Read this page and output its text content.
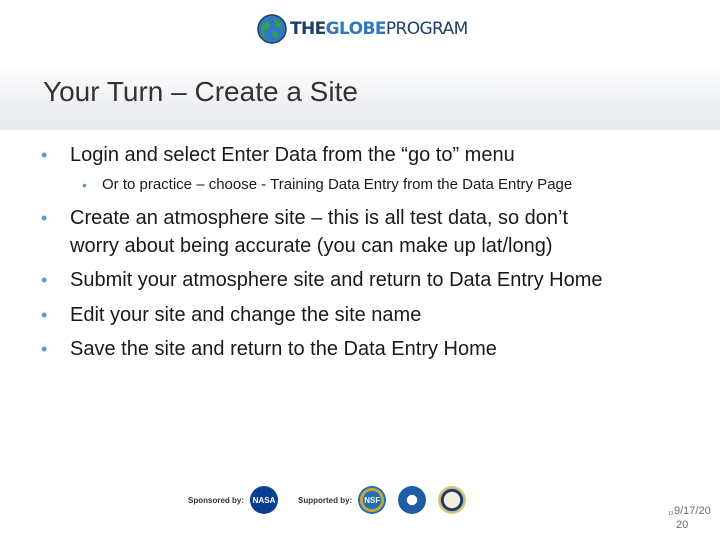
THEGLOBEPROGRAM
Your Turn – Create a Site
• Login and select Enter Data from the “go to” menu
• Or to practice – choose - Training Data Entry from the Data Entry Page
• Create an atmosphere site – this is all test data, so don’t
worry about being accurate (you can make up lat/long)
• Submit your atmosphere site and return to Data Entry Home
• Edit your site and change the site name
• Save the site and return to the Data Entry Home
Sponsored by: NASA	Supported by: NSF
9/17/20
20
13
